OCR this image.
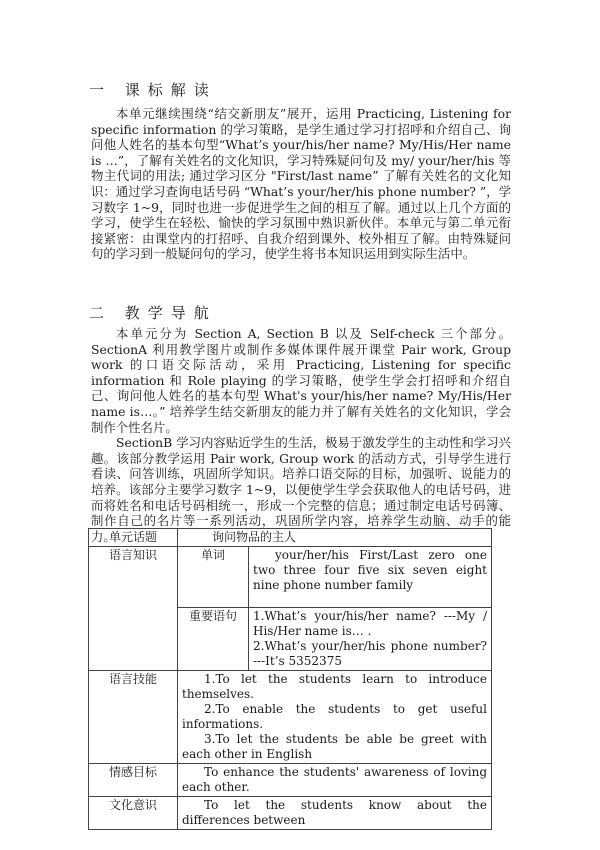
一 课标解读

本单元继续围绕“结交新朋友”展开，运用 Practicing, Listening for specific information 的学习策略，是学生通过学习打招呼和介绍自己、询问他人姓名的基本句型“What’s your/his/her name? My/His/Her name is …”，了解有关姓名的文化知识，学习特殊疑问句及 my/ your/her/his 等物主代词的用法; 通过学习区分 "First/last name” 了解有关姓名的文化知识：通过学习查询电话号码 “What’s your/her/his phone number? ”，学习数字 1~9，同时也进一步促进学生之间的相互了解。通过以上几个方面的学习，使学生在轻松、愉快的学习氛围中熟识新伙伴。本单元与第二单元衔接紧密：由课堂内的打招呼、自我介绍到课外、校外相互了解。由特殊疑问句的学习到一般疑问句的学习，使学生将书本知识运用到实际生活中。

二 教学导航

本单元分为 Section A, Section B 以及 Self-check 三个部分。SectionA 利用教学图片或制作多媒体课件展开课堂 Pair work, Group work 的口语交际活动，采用 Practicing, Listening for specific information 和 Role playing 的学习策略，使学生学会打招呼和介绍自己、询问他人姓名的基本句型 What's your/his/her name? My/His/Her name is…。” 培养学生结交新朋友的能力并了解有关姓名的文化知识，学会制作个性名片。

SectionB 学习内容贴近学生的生活，极易于激发学生的主动性和学习兴趣。该部分教学运用 Pair work, Group work 的活动方式，引导学生进行看读、问答训练，巩固所学知识。培养口语交际的目标，加强听、说能力的培养。该部分主要学习数字 1~9，以便使学生学会获取他人的电话号码，进而将姓名和电话号码相统一，形成一个完整的信息；通过制定电话号码簿、制作自己的名片等一系列活动，巩固所学内容，培养学生动脑、动手的能力。

单元话题	询问物品的主人	
语言知识	单词	your/her/his First/Last zero one two three four five six seven eight nine phone number family
	重要语句	1.What’s your/his/her name? ---My / His/Her name is… .
2.What’s your/her/his phone number? ---It’s 5352375

语言技能	1.To let the students learn to introduce themselves.
2.To enable the students to get useful informations.
3.To let the students be able be greet with each other in English	

情感目标	To enhance the students' awareness of loving each other.	
文化意识	To let the students know about the differences between	
